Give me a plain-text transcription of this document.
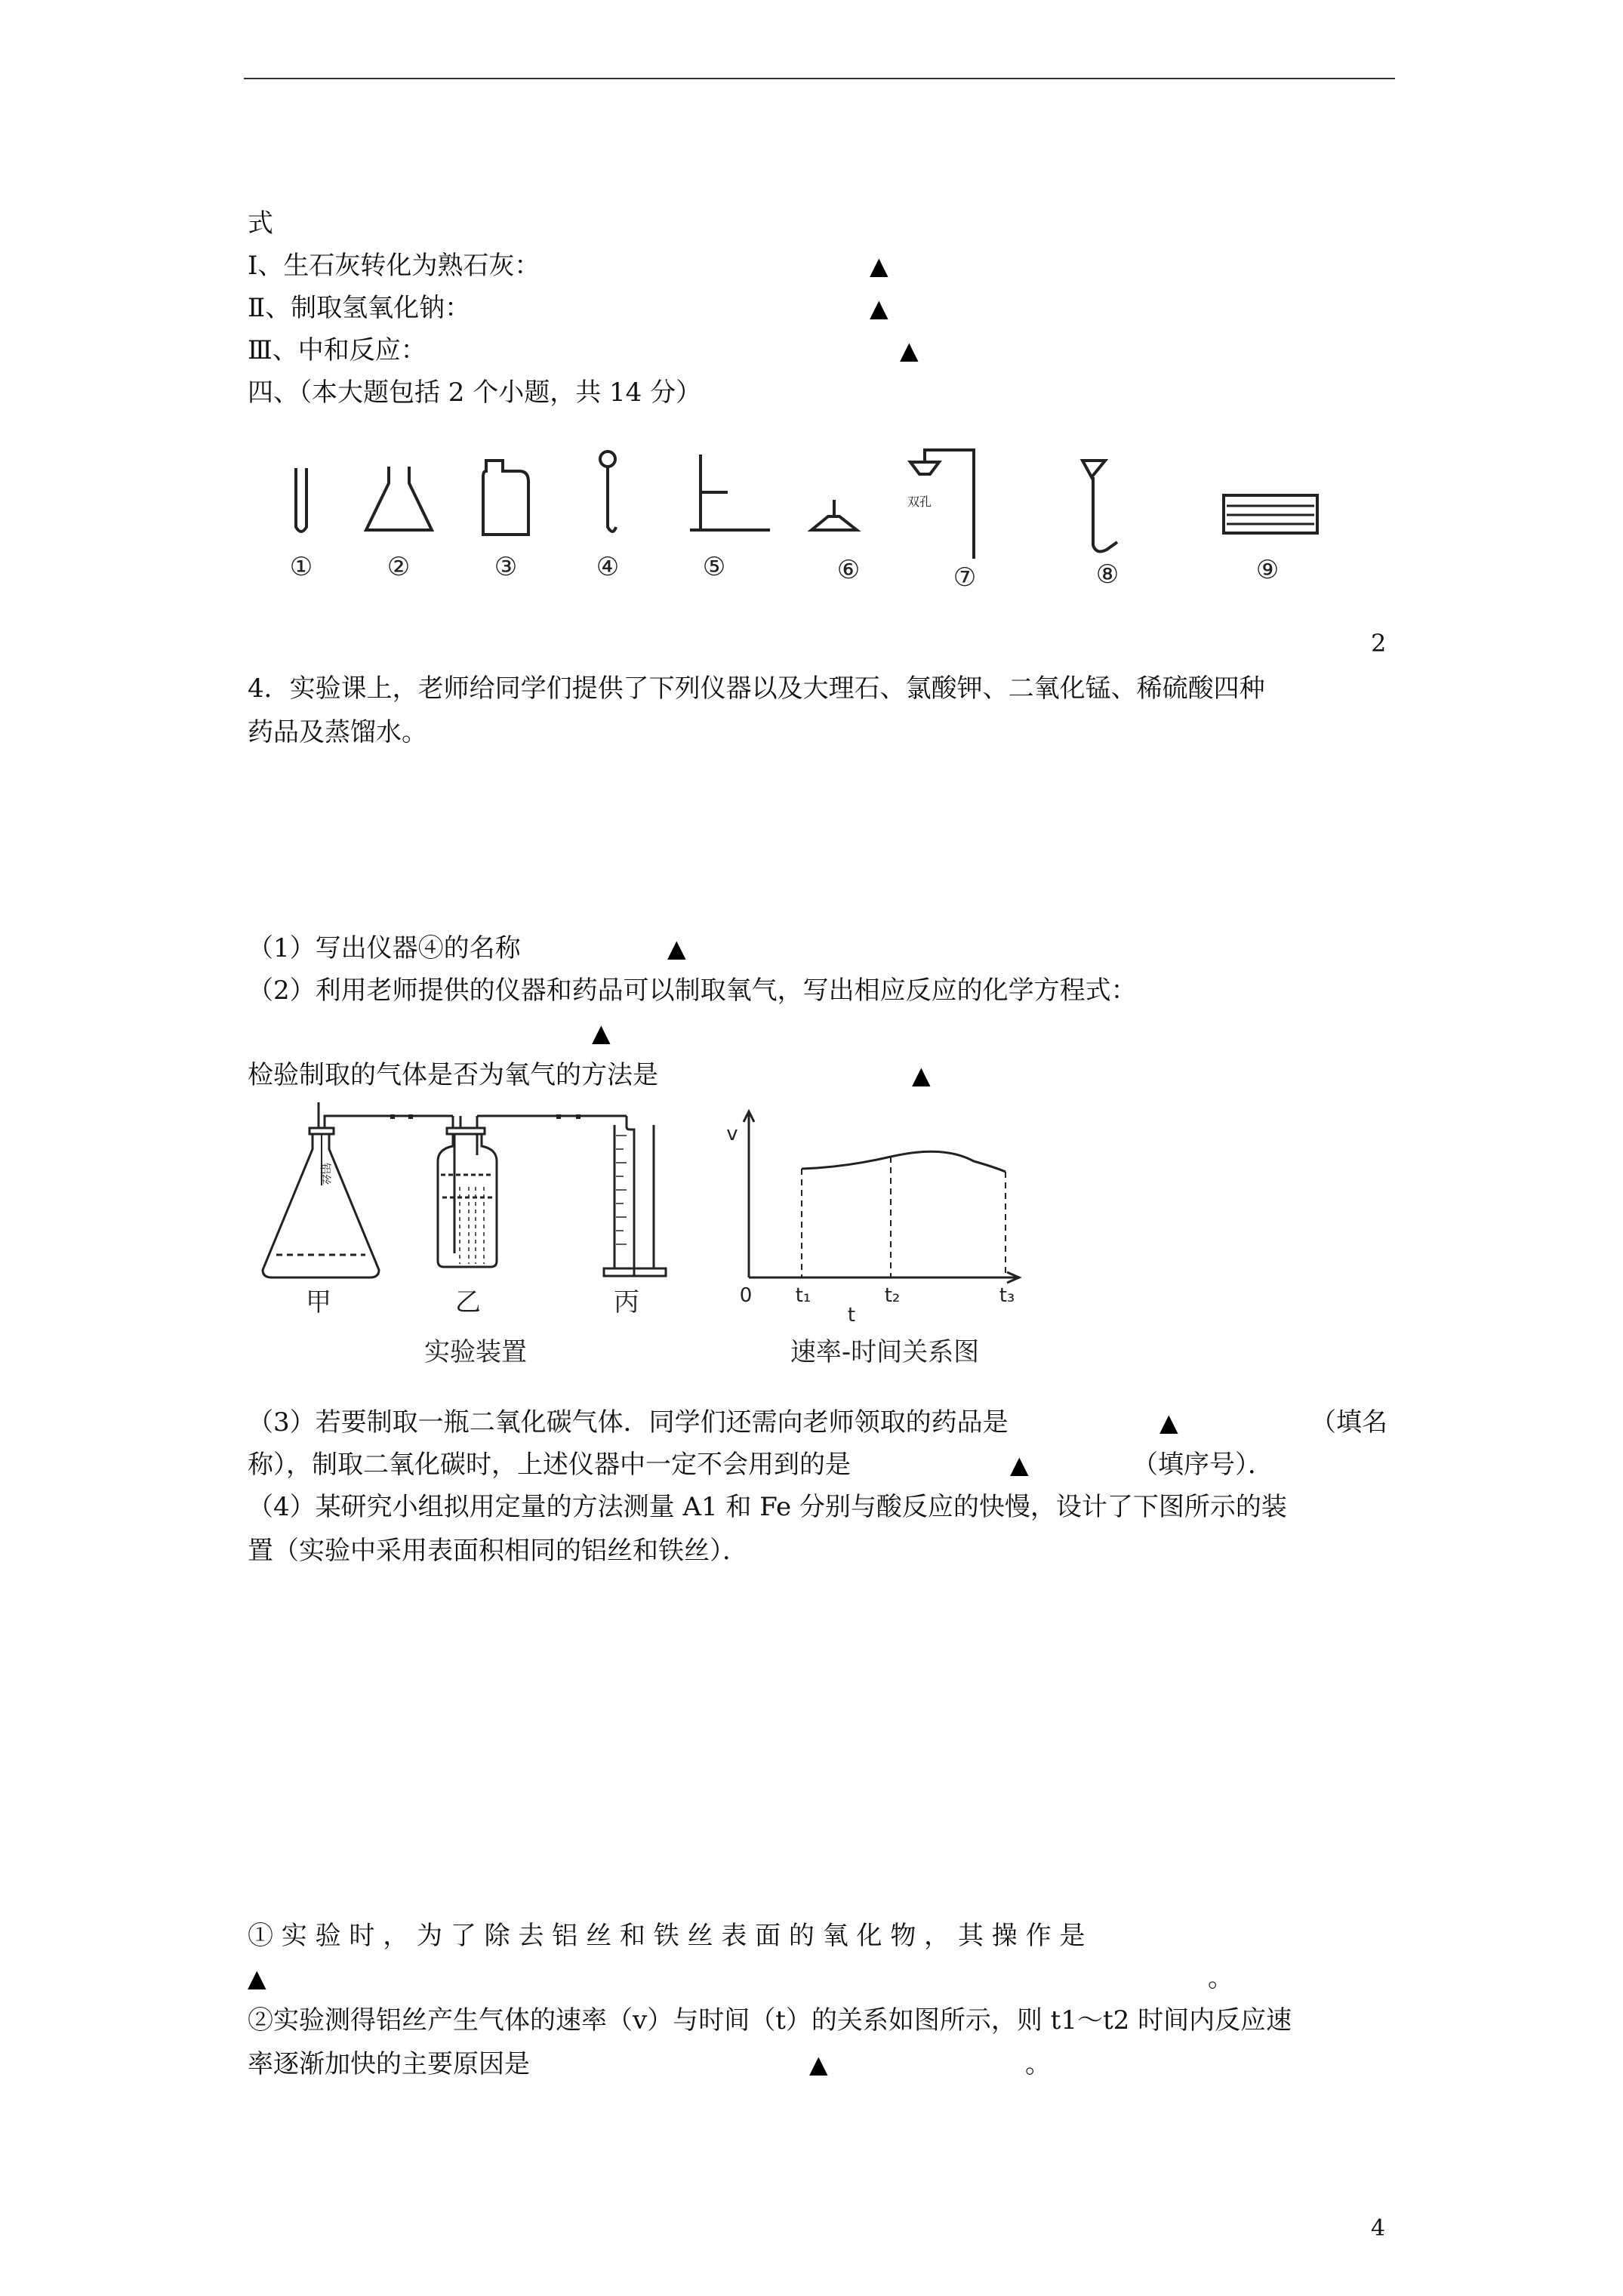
式
Ⅰ、生石灰转化为熟石灰：	▲
Ⅱ、制取氢氧化钠：	▲
Ⅲ、中和反应：	▲
四、（本大题包括 2 个小题，共 14 分）
双孔
①	②	③	④	⑤	⑥	⑦	⑧	⑨
2
4．实验课上，老师给同学们提供了下列仪器以及大理石、氯酸钾、二氧化锰、稀硫酸四种
药品及蒸馏水。
（1）写出仪器④的名称	▲
（2）利用老师提供的仪器和药品可以制取氧气，写出相应反应的化学方程式：
▲
检验制取的气体是否为氧气的方法是	▲
铝丝
甲	乙	丙
实验装置
v
0 t₁	t₂	t₃
t
速率-时间关系图
（3）若要制取一瓶二氧化碳气体．同学们还需向老师领取的药品是	▲	（填名
称），制取二氧化碳时，上述仪器中一定不会用到的是	▲	（填序号）．
（4）某研究小组拟用定量的方法测量 A1 和 Fe 分别与酸反应的快慢，设计了下图所示的装
置（实验中采用表面积相同的铝丝和铁丝）．
① 实 验 时 ， 为 了 除 去 铝 丝 和 铁 丝 表 面 的 氧 化 物 ， 其 操 作 是
▲	。
②实验测得铝丝产生气体的速率（v）与时间（t）的关系如图所示，则 t1～t2 时间内反应速
率逐渐加快的主要原因是	▲	。
4
